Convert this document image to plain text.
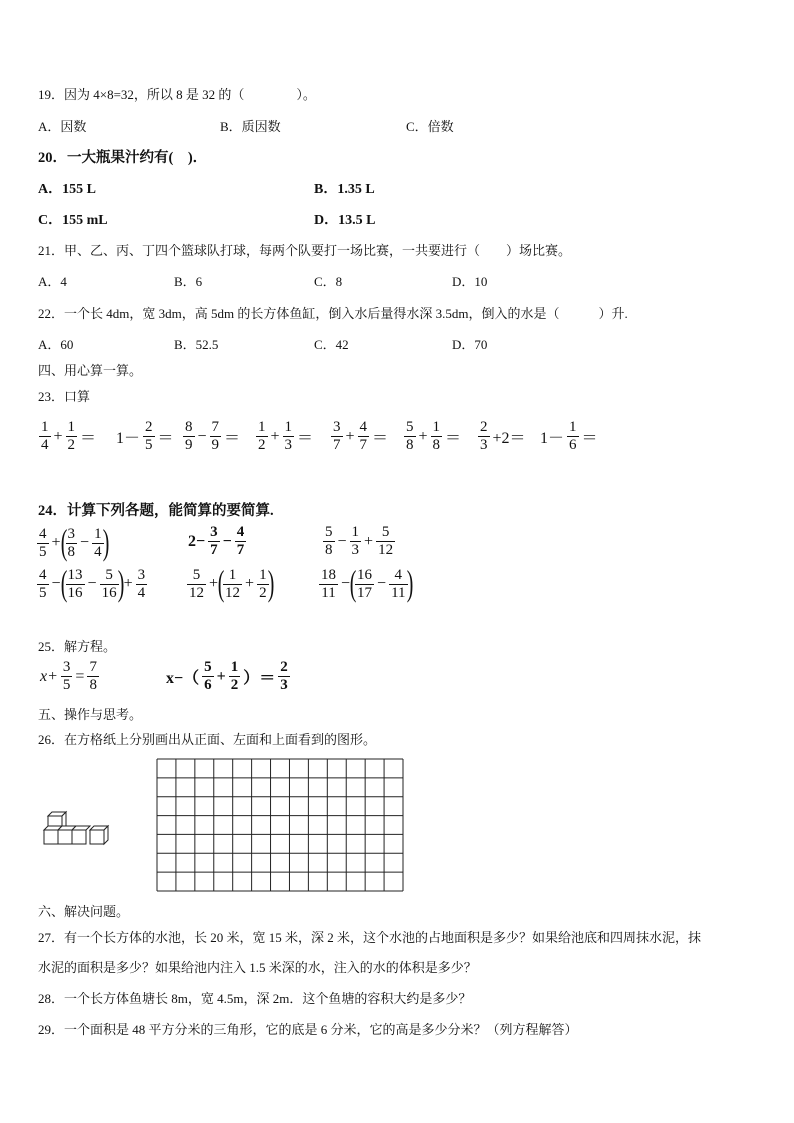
19．因为 4×8=32，所以 8 是 32 的（　　　　）。
A．因数	B．质因数	C．倍数
20．一大瓶果汁约有(　)．
A．155 L	B．1.35 L
C．155 mL	D．13.5 L
21．甲、乙、丙、丁四个篮球队打球，每两个队要打一场比赛，一共要进行（　　）场比赛。
A．4	B．6	C．8	D．10
22．一个长 4dm，宽 3dm，高 5dm 的长方体鱼缸，倒入水后量得水深 3.5dm，倒入的水是（　　　）升.
A．60	B．52.5	C．42	D．70
四、用心算一算。
23．口算
1
4
+ $\frac{1}{2} = 1-$
2
5 ＝
8
9
− $\frac{7}{9}$ ＝
1
2
+ $\frac{1}{3}$ ＝
3
7
+ $\frac{4}{7}$ ＝
5
8
+ $\frac{1}{8}$ ＝
2
3 +2＝ 1－
1
6 ＝
24．计算下列各题，能简算的要简算.
4
5
+ ( 3
8
− $\frac{1}{4}$
)	$2- \frac{3}{7} - \frac{4}{7}$	5
8
− $\frac{1}{3} + \frac{5}{12}$
4
5
− ( 13
16
− $\frac{5}{16}$
) + $\frac{3}{4}$	5
12
+ ( 1
12
+ $\frac{1}{2}$
)	18
11
− ( 16
17
− $\frac{4}{11}$
)
25．解方程。
$x+ \frac{3}{5} = \frac{7}{8}$	x−（
5
6
+ $\frac{1}{2}$ ）＝
2
3
五、操作与思考。
26．在方格纸上分别画出从正面、左面和上面看到的图形。
六、解决问题。
27．有一个长方体的水池，长 20 米，宽 15 米，深 2 米，这个水池的占地面积是多少？如果给池底和四周抹水泥，抹
水泥的面积是多少？如果给池内注入 1.5 米深的水，注入的水的体积是多少？
28．一个长方体鱼塘长 8m，宽 4.5m，深 2m．这个鱼塘的容积大约是多少？
29．一个面积是 48 平方分米的三角形，它的底是 6 分米，它的高是多少分米？（列方程解答）
